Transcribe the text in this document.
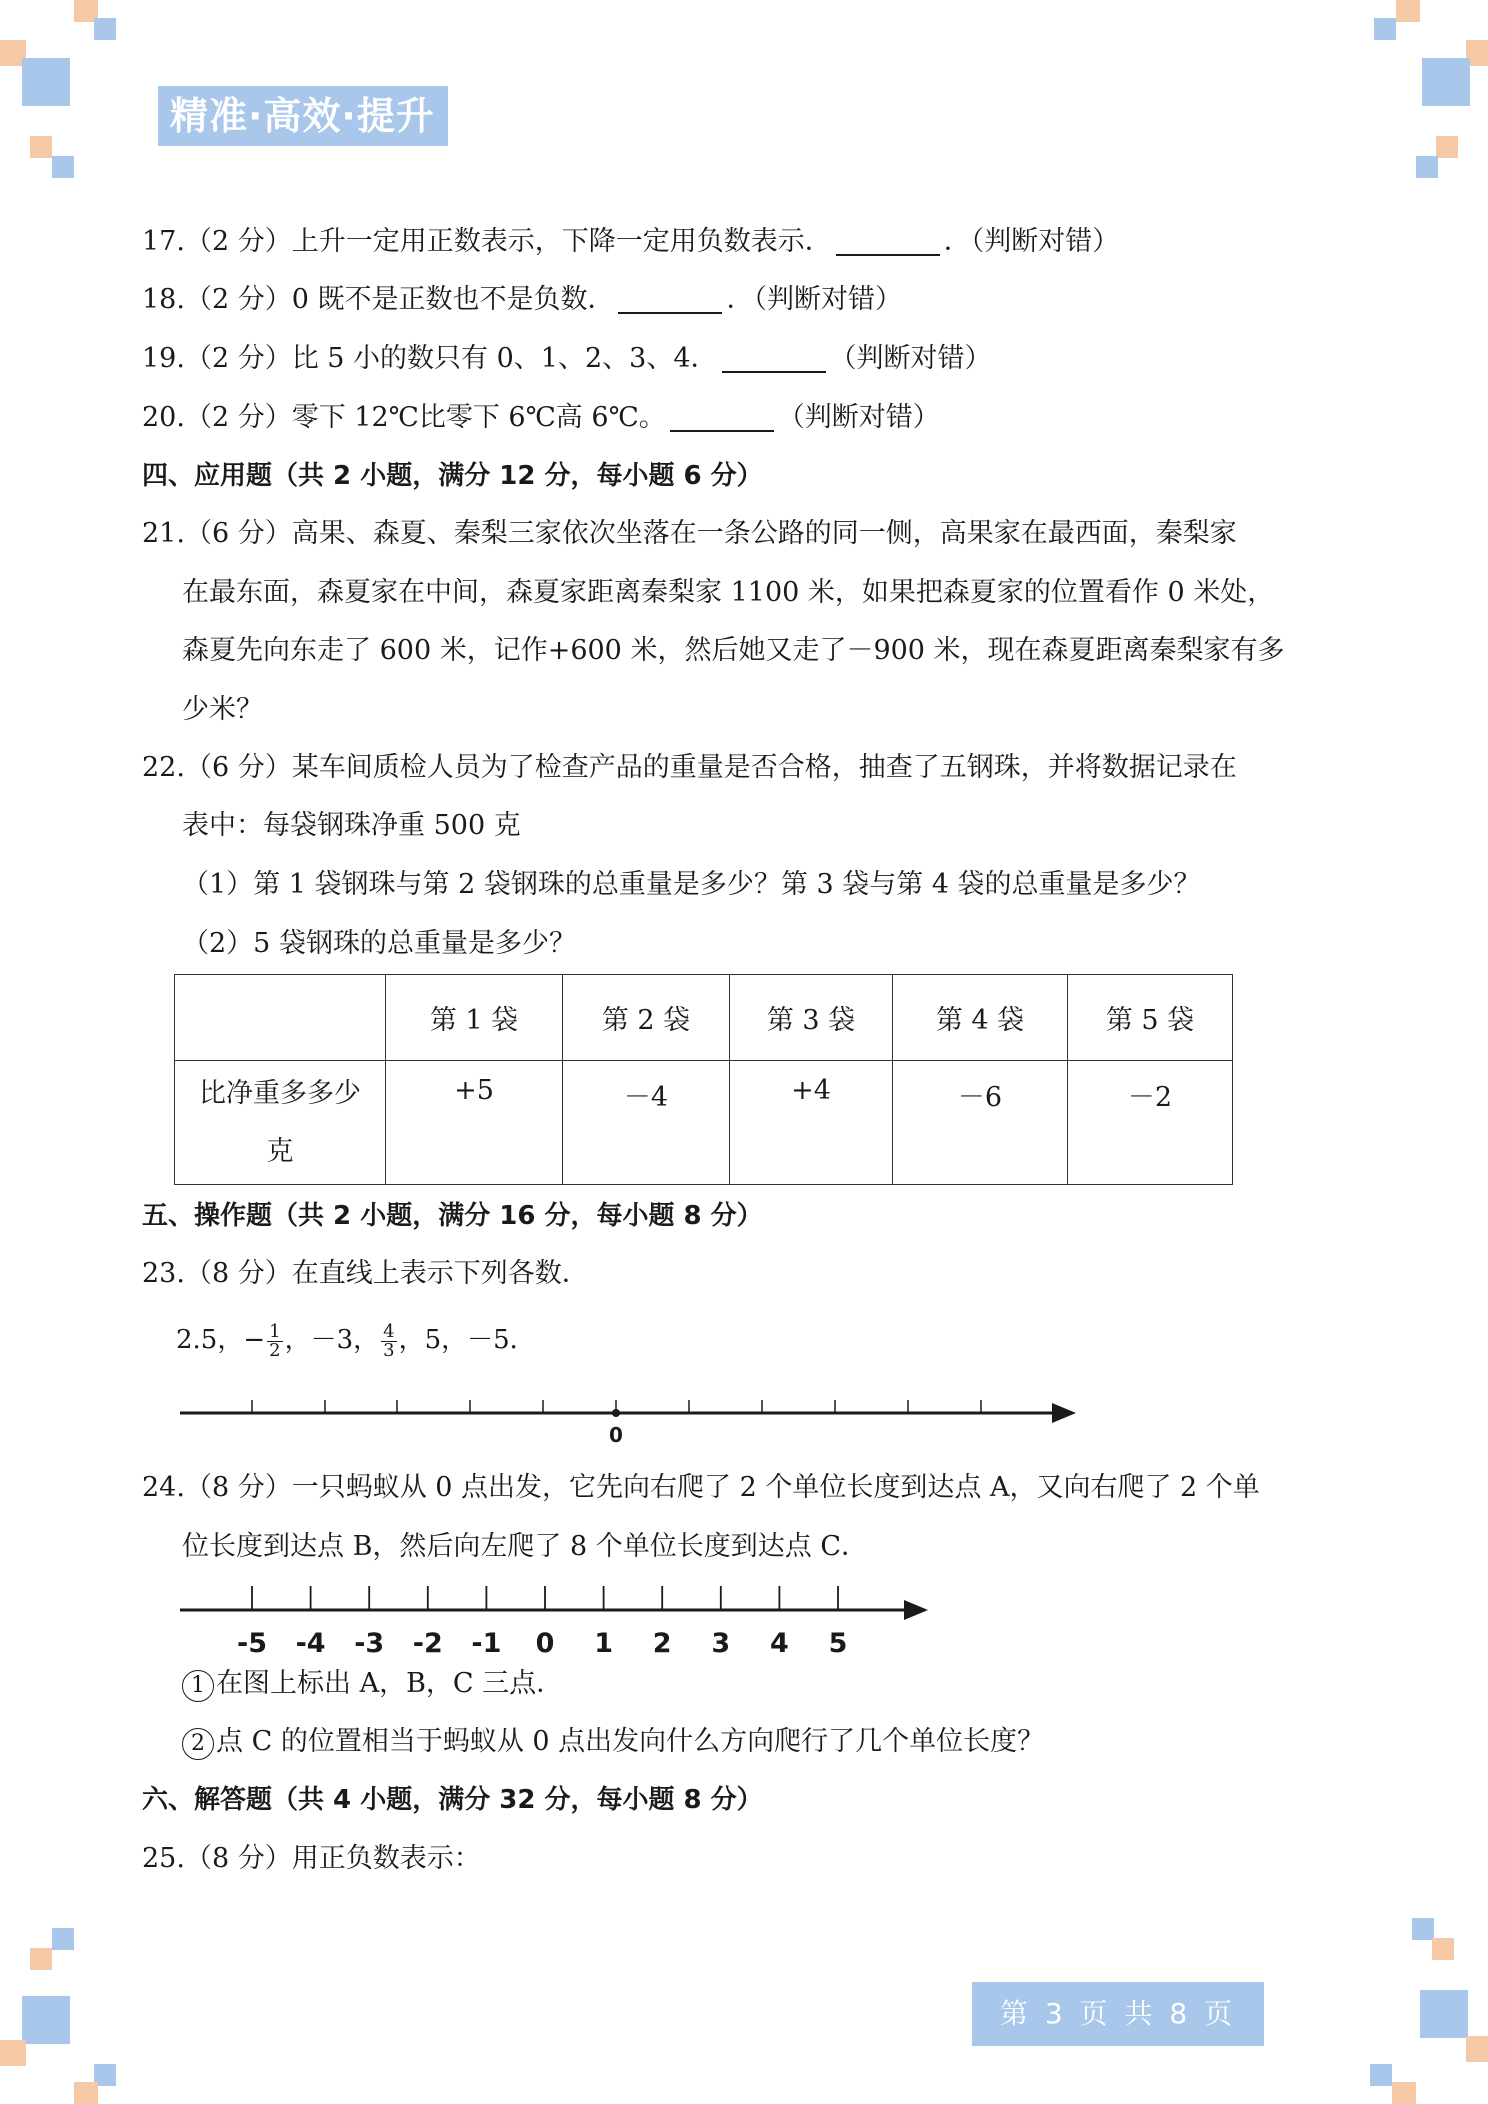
精准·高效·提升
17.（2 分）上升一定用正数表示，下降一定用负数表示．	．（判断对错）
18.（2 分）0 既不是正数也不是负数．	．（判断对错）
19.（2 分）比 5 小的数只有 0、1、2、3、4．	（判断对错）
20.（2 分）零下 12℃比零下 6℃高 6℃。	（判断对错）
四、应用题（共 2 小题，满分 12 分，每小题 6 分）
21.（6 分）高果、森夏、秦梨三家依次坐落在一条公路的同一侧，高果家在最西面，秦梨家
在最东面，森夏家在中间，森夏家距离秦梨家 1100 米，如果把森夏家的位置看作 0 米处，
森夏先向东走了 600 米，记作+600 米，然后她又走了－900 米，现在森夏距离秦梨家有多
少米？
22.（6 分）某车间质检人员为了检查产品的重量是否合格，抽查了五钢珠，并将数据记录在
表中：每袋钢珠净重 500 克
（1）第 1 袋钢珠与第 2 袋钢珠的总重量是多少？第 3 袋与第 4 袋的总重量是多少？
（2）5 袋钢珠的总重量是多少？
	第 1 袋	第 2 袋	第 3 袋	第 4 袋	第 5 袋

比净重多多少
克	+5	－4	+4	－6	－2
五、操作题（共 2 小题，满分 16 分，每小题 8 分）
23.（8 分）在直线上表示下列各数．
2.5，− $\frac{1}{2}$ ，－3， $\frac{4}{3}$ ，5，－5．
0
24.（8 分）一只蚂蚁从 0 点出发，它先向右爬了 2 个单位长度到达点 A，又向右爬了 2 个单
位长度到达点 B，然后向左爬了 8 个单位长度到达点 C．
-5 -4 -3 -2 -1 0 1 2 3 4 5
1 在图上标出 A，B，C 三点．
2 点 C 的位置相当于蚂蚁从 0 点出发向什么方向爬行了几个单位长度？
六、解答题（共 4 小题，满分 32 分，每小题 8 分）
25.（8 分）用正负数表示：
第 3 页 共 8 页
